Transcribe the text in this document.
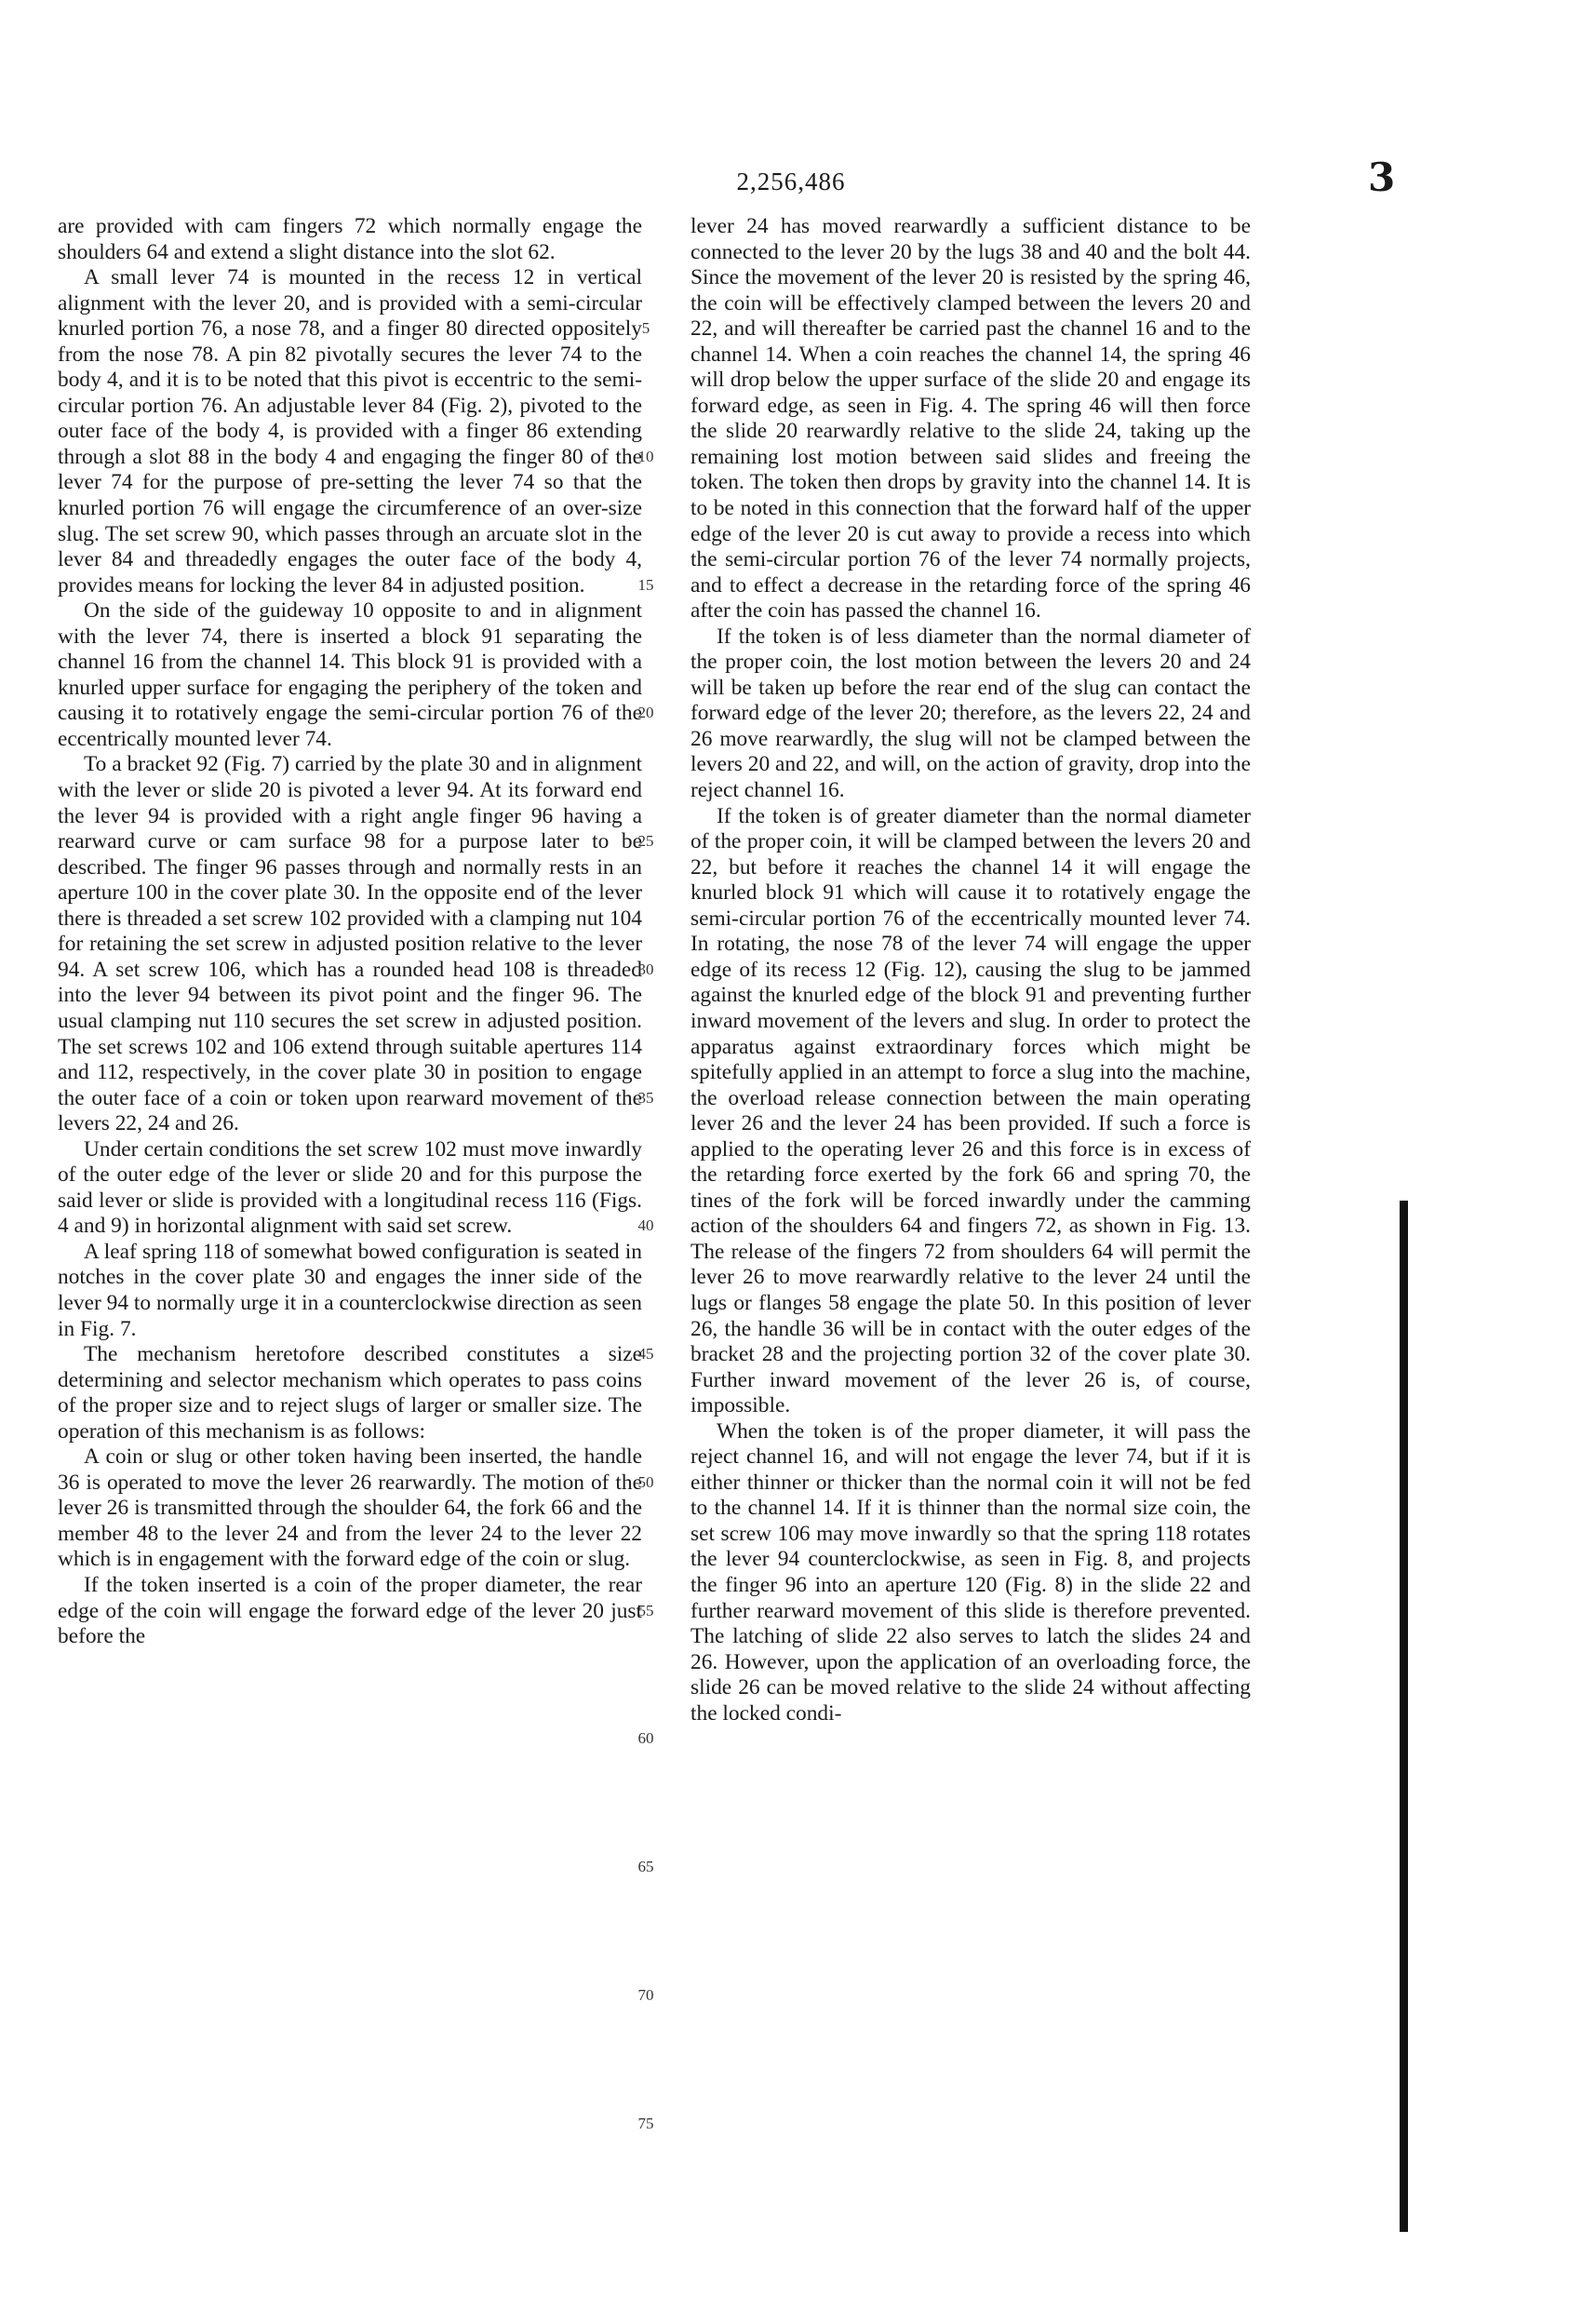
2,256,486	3

are provided with cam fingers 72 which normally engage the shoulders 64 and extend a slight distance into the slot 62.

A small lever 74 is mounted in the recess 12 in vertical alignment with the lever 20, and is provided with a semi-circular knurled portion 76, a nose 78, and a finger 80 directed oppositely from the nose 78. A pin 82 pivotally secures the lever 74 to the body 4, and it is to be noted that this pivot is eccentric to the semi-circular portion 76. An adjustable lever 84 (Fig. 2), pivoted to the outer face of the body 4, is provided with a finger 86 extending through a slot 88 in the body 4 and engaging the finger 80 of the lever 74 for the purpose of pre-setting the lever 74 so that the knurled portion 76 will engage the circumference of an over-size slug. The set screw 90, which passes through an arcuate slot in the lever 84 and threadedly engages the outer face of the body 4, provides means for locking the lever 84 in adjusted position.

On the side of the guideway 10 opposite to and in alignment with the lever 74, there is inserted a block 91 separating the channel 16 from the channel 14. This block 91 is provided with a knurled upper surface for engaging the periphery of the token and causing it to rotatively engage the semi-circular portion 76 of the eccentrically mounted lever 74.

To a bracket 92 (Fig. 7) carried by the plate 30 and in alignment with the lever or slide 20 is pivoted a lever 94. At its forward end the lever 94 is provided with a right angle finger 96 having a rearward curve or cam surface 98 for a purpose later to be described. The finger 96 passes through and normally rests in an aperture 100 in the cover plate 30. In the opposite end of the lever there is threaded a set screw 102 provided with a clamping nut 104 for retaining the set screw in adjusted position relative to the lever 94. A set screw 106, which has a rounded head 108 is threaded into the lever 94 between its pivot point and the finger 96. The usual clamping nut 110 secures the set screw in adjusted position. The set screws 102 and 106 extend through suitable apertures 114 and 112, respectively, in the cover plate 30 in position to engage the outer face of a coin or token upon rearward movement of the levers 22, 24 and 26.

Under certain conditions the set screw 102 must move inwardly of the outer edge of the lever or slide 20 and for this purpose the said lever or slide is provided with a longitudinal recess 116 (Figs. 4 and 9) in horizontal alignment with said set screw.

A leaf spring 118 of somewhat bowed configuration is seated in notches in the cover plate 30 and engages the inner side of the lever 94 to normally urge it in a counterclockwise direction as seen in Fig. 7.

The mechanism heretofore described constitutes a size determining and selector mechanism which operates to pass coins of the proper size and to reject slugs of larger or smaller size. The operation of this mechanism is as follows:

A coin or slug or other token having been inserted, the handle 36 is operated to move the lever 26 rearwardly. The motion of the lever 26 is transmitted through the shoulder 64, the fork 66 and the member 48 to the lever 24 and from the lever 24 to the lever 22 which is in engagement with the forward edge of the coin or slug.

If the token inserted is a coin of the proper diameter, the rear edge of the coin will engage the forward edge of the lever 20 just before the

lever 24 has moved rearwardly a sufficient distance to be connected to the lever 20 by the lugs 38 and 40 and the bolt 44. Since the movement of the lever 20 is resisted by the spring 46, the coin will be effectively clamped between the levers 20 and 22, and will thereafter be carried past the channel 16 and to the channel 14. When a coin reaches the channel 14, the spring 46 will drop below the upper surface of the slide 20 and engage its forward edge, as seen in Fig. 4. The spring 46 will then force the slide 20 rearwardly relative to the slide 24, taking up the remaining lost motion between said slides and freeing the token. The token then drops by gravity into the channel 14. It is to be noted in this connection that the forward half of the upper edge of the lever 20 is cut away to provide a recess into which the semi-circular portion 76 of the lever 74 normally projects, and to effect a decrease in the retarding force of the spring 46 after the coin has passed the channel 16.

If the token is of less diameter than the normal diameter of the proper coin, the lost motion between the levers 20 and 24 will be taken up before the rear end of the slug can contact the forward edge of the lever 20; therefore, as the levers 22, 24 and 26 move rearwardly, the slug will not be clamped between the levers 20 and 22, and will, on the action of gravity, drop into the reject channel 16.

If the token is of greater diameter than the normal diameter of the proper coin, it will be clamped between the levers 20 and 22, but before it reaches the channel 14 it will engage the knurled block 91 which will cause it to rotatively engage the semi-circular portion 76 of the eccentrically mounted lever 74. In rotating, the nose 78 of the lever 74 will engage the upper edge of its recess 12 (Fig. 12), causing the slug to be jammed against the knurled edge of the block 91 and preventing further inward movement of the levers and slug. In order to protect the apparatus against extraordinary forces which might be spitefully applied in an attempt to force a slug into the machine, the overload release connection between the main operating lever 26 and the lever 24 has been provided. If such a force is applied to the operating lever 26 and this force is in excess of the retarding force exerted by the fork 66 and spring 70, the tines of the fork will be forced inwardly under the camming action of the shoulders 64 and fingers 72, as shown in Fig. 13. The release of the fingers 72 from shoulders 64 will permit the lever 26 to move rearwardly relative to the lever 24 until the lugs or flanges 58 engage the plate 50. In this position of lever 26, the handle 36 will be in contact with the outer edges of the bracket 28 and the projecting portion 32 of the cover plate 30. Further inward movement of the lever 26 is, of course, impossible.

When the token is of the proper diameter, it will pass the reject channel 16, and will not engage the lever 74, but if it is either thinner or thicker than the normal coin it will not be fed to the channel 14. If it is thinner than the normal size coin, the set screw 106 may move inwardly so that the spring 118 rotates the lever 94 counterclockwise, as seen in Fig. 8, and projects the finger 96 into an aperture 120 (Fig. 8) in the slide 22 and further rearward movement of this slide is therefore prevented. The latching of slide 22 also serves to latch the slides 24 and 26. However, upon the application of an overloading force, the slide 26 can be moved relative to the slide 24 without affecting the locked condi-

5
10
15
20
25
30
35
40
45
50
55
60
65
70
75
